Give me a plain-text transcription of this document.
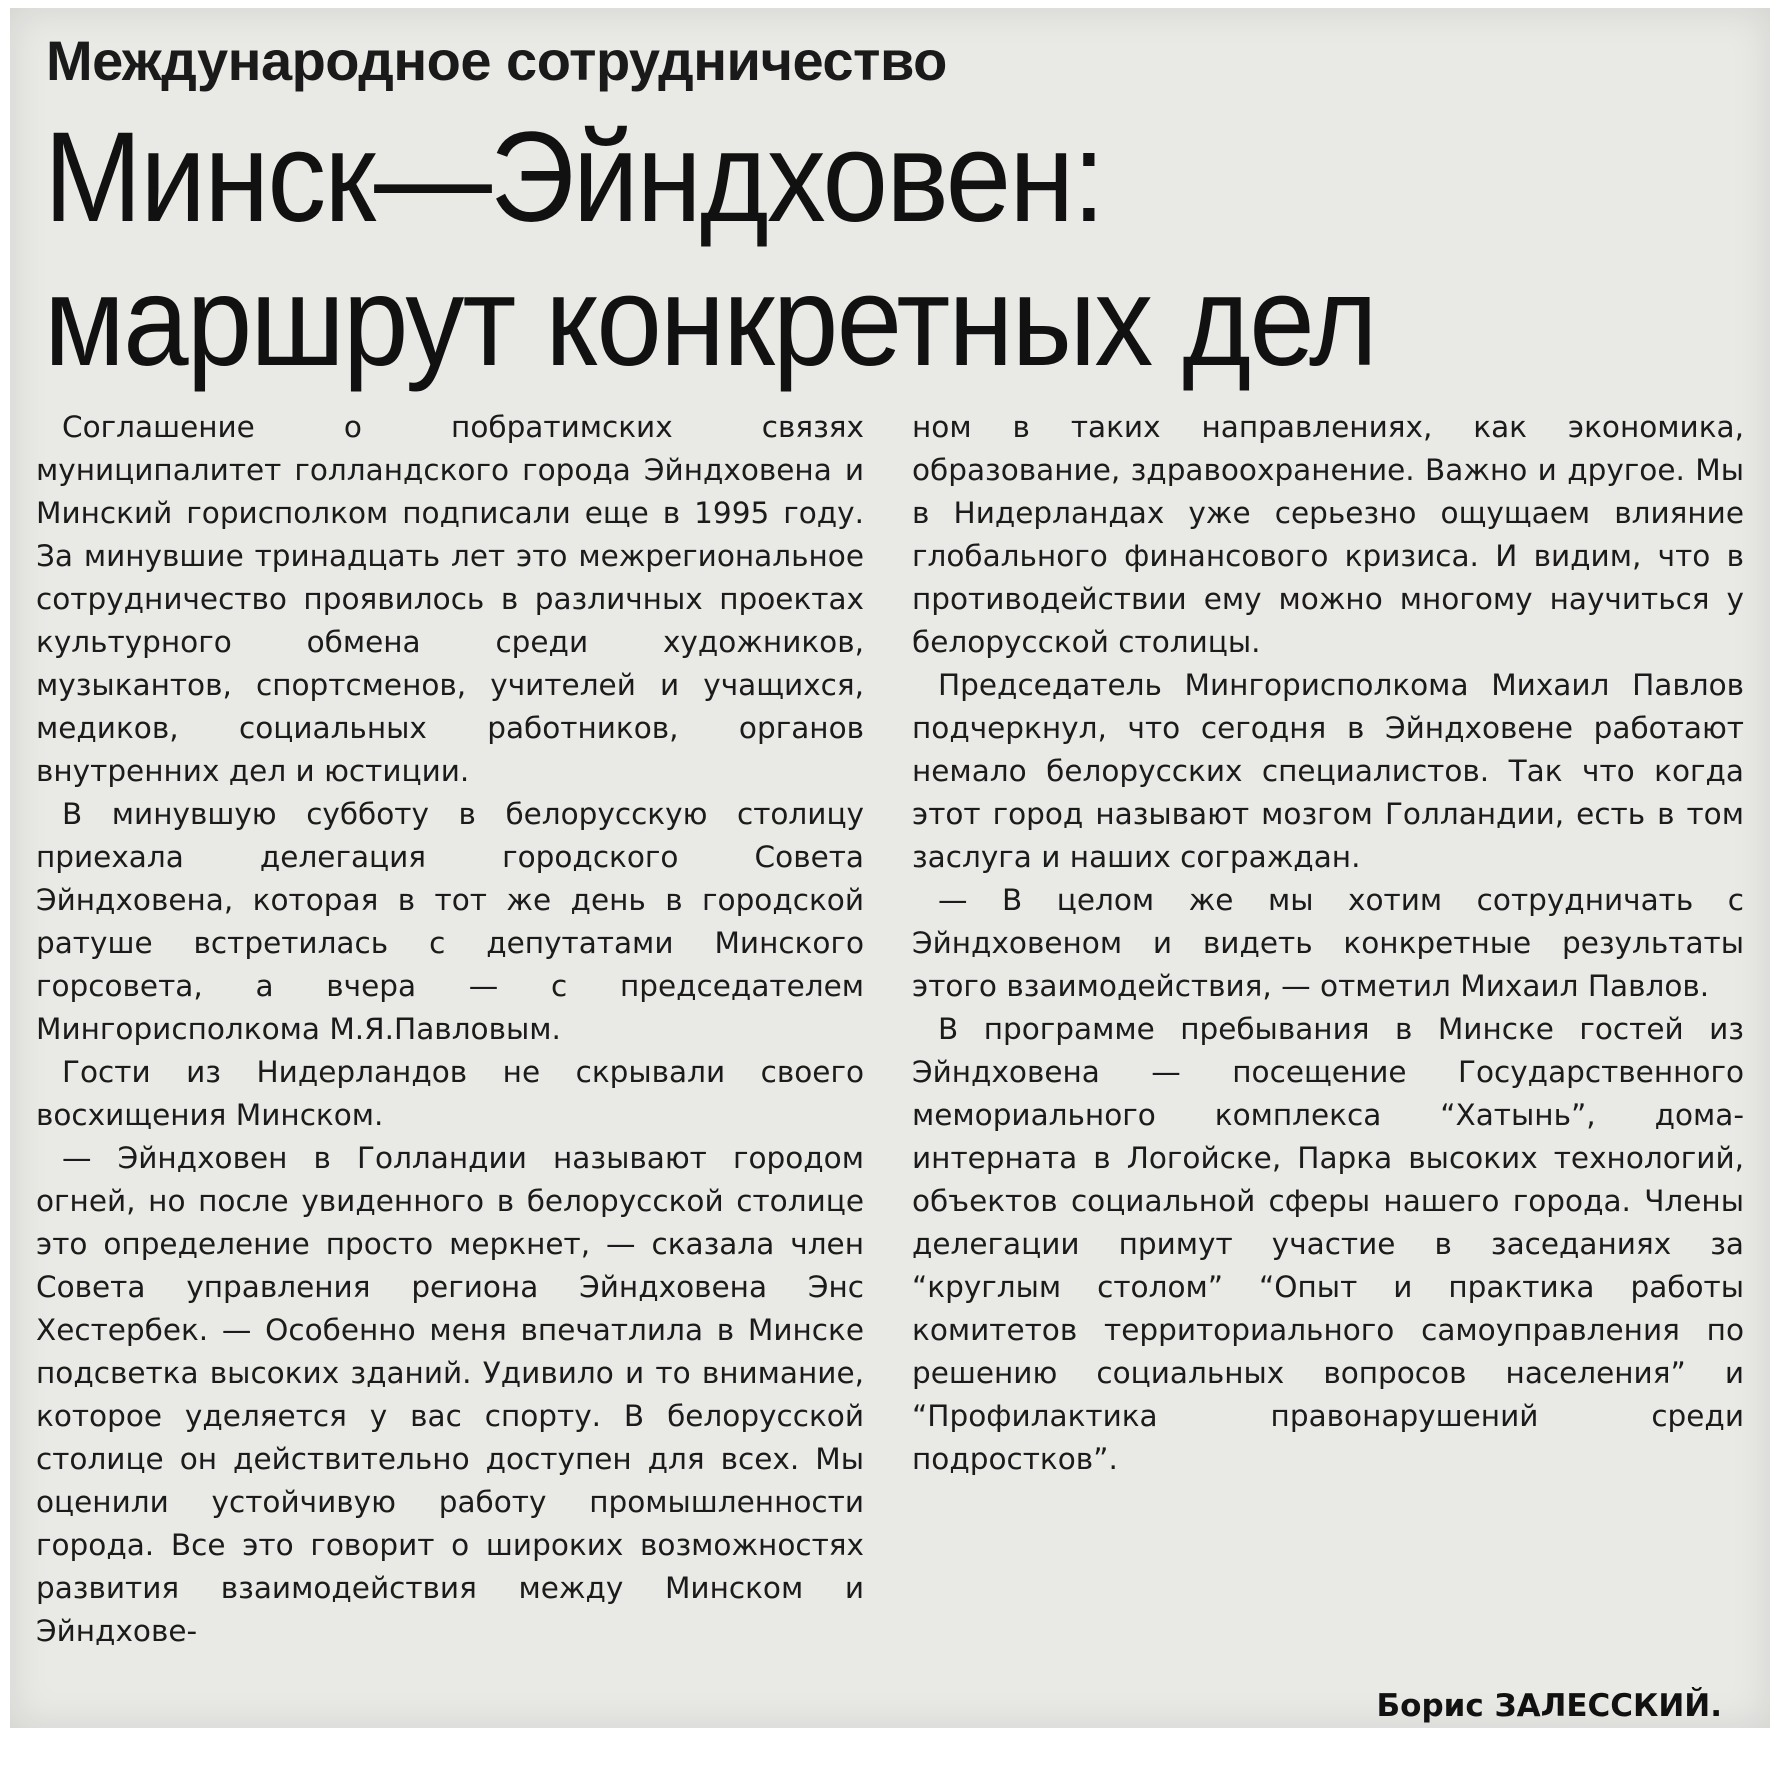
Международное сотрудничество
Минск—Эйндховен:
маршрут конкретных дел

Соглашение о побратимских связях муниципалитет голландского города Эйндховена и Минский горисполком подписали еще в 1995 году. За минувшие тринадцать лет это межрегиональное сотрудничество проявилось в различных проектах культурного обмена среди художников, музыкантов, спортсменов, учителей и учащихся, медиков, социальных работников, органов внутренних дел и юстиции.

В минувшую субботу в белорусскую столицу приехала делегация городского Совета Эйндховена, которая в тот же день в городской ратуше встретилась с депутатами Минского горсовета, а вчера — с председателем Мингорисполкома М.Я.Павловым.

Гости из Нидерландов не скрывали своего восхищения Минском.

— Эйндховен в Голландии называют городом огней, но после увиденного в белорусской столице это определение просто меркнет, — сказала член Совета управления региона Эйндховена Энс Хестербек. — Особенно меня впечатлила в Минске подсветка высоких зданий. Удивило и то внимание, которое уделяется у вас спорту. В белорусской столице он действительно доступен для всех. Мы оценили устойчивую работу промышленности города. Все это говорит о широких возможностях развития взаимодействия между Минском и Эйндхове-

ном в таких направлениях, как экономика, образование, здравоохранение. Важно и другое. Мы в Нидерландах уже серьезно ощущаем влияние глобального финансового кризиса. И видим, что в противодействии ему можно многому научиться у белорусской столицы.

Председатель Мингорисполкома Михаил Павлов подчеркнул, что сегодня в Эйндховене работают немало белорусских специалистов. Так что когда этот город называют мозгом Голландии, есть в том заслуга и наших сограждан.

— В целом же мы хотим сотрудничать с Эйндховеном и видеть конкретные результаты этого взаимодействия, — отметил Михаил Павлов.

В программе пребывания в Минске гостей из Эйндховена — посещение Государственного мемориального комплекса “Хатынь”, дома-интерната в Логойске, Парка высоких технологий, объектов социальной сферы нашего города. Члены делегации примут участие в заседаниях за “круглым столом” “Опыт и практика работы комитетов территориального самоуправления по решению социальных вопросов населения” и “Профилактика правонарушений среди подростков”.

Борис ЗАЛЕССКИЙ.
